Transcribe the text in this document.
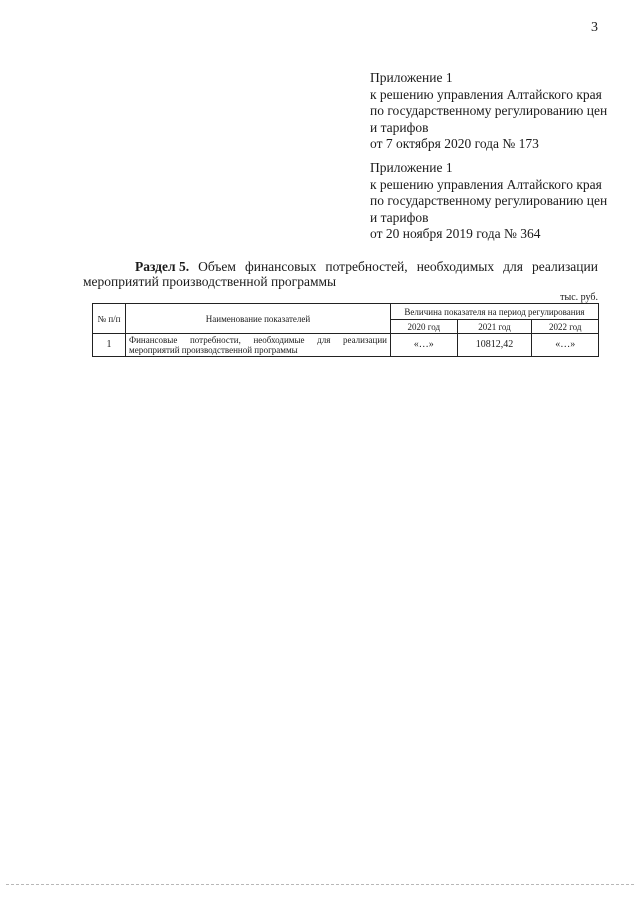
3
Приложение 1
к решению управления Алтайского края
по государственному регулированию цен
и тарифов
от 7 октября 2020 года № 173
Приложение 1
к решению управления Алтайского края
по государственному регулированию цен
и тарифов
от 20 ноября 2019 года № 364
Раздел 5. Объем финансовых потребностей, необходимых для реализации
мероприятий производственной программы
тыс. руб.
№ п/п	Наименование показателей	Величина показателя на период регулирования		
		2020 год	2021 год	2022 год
1	Финансовые потребности, необходимые для реализации мероприятий производственной программы	«…»	10812,42	«…»
